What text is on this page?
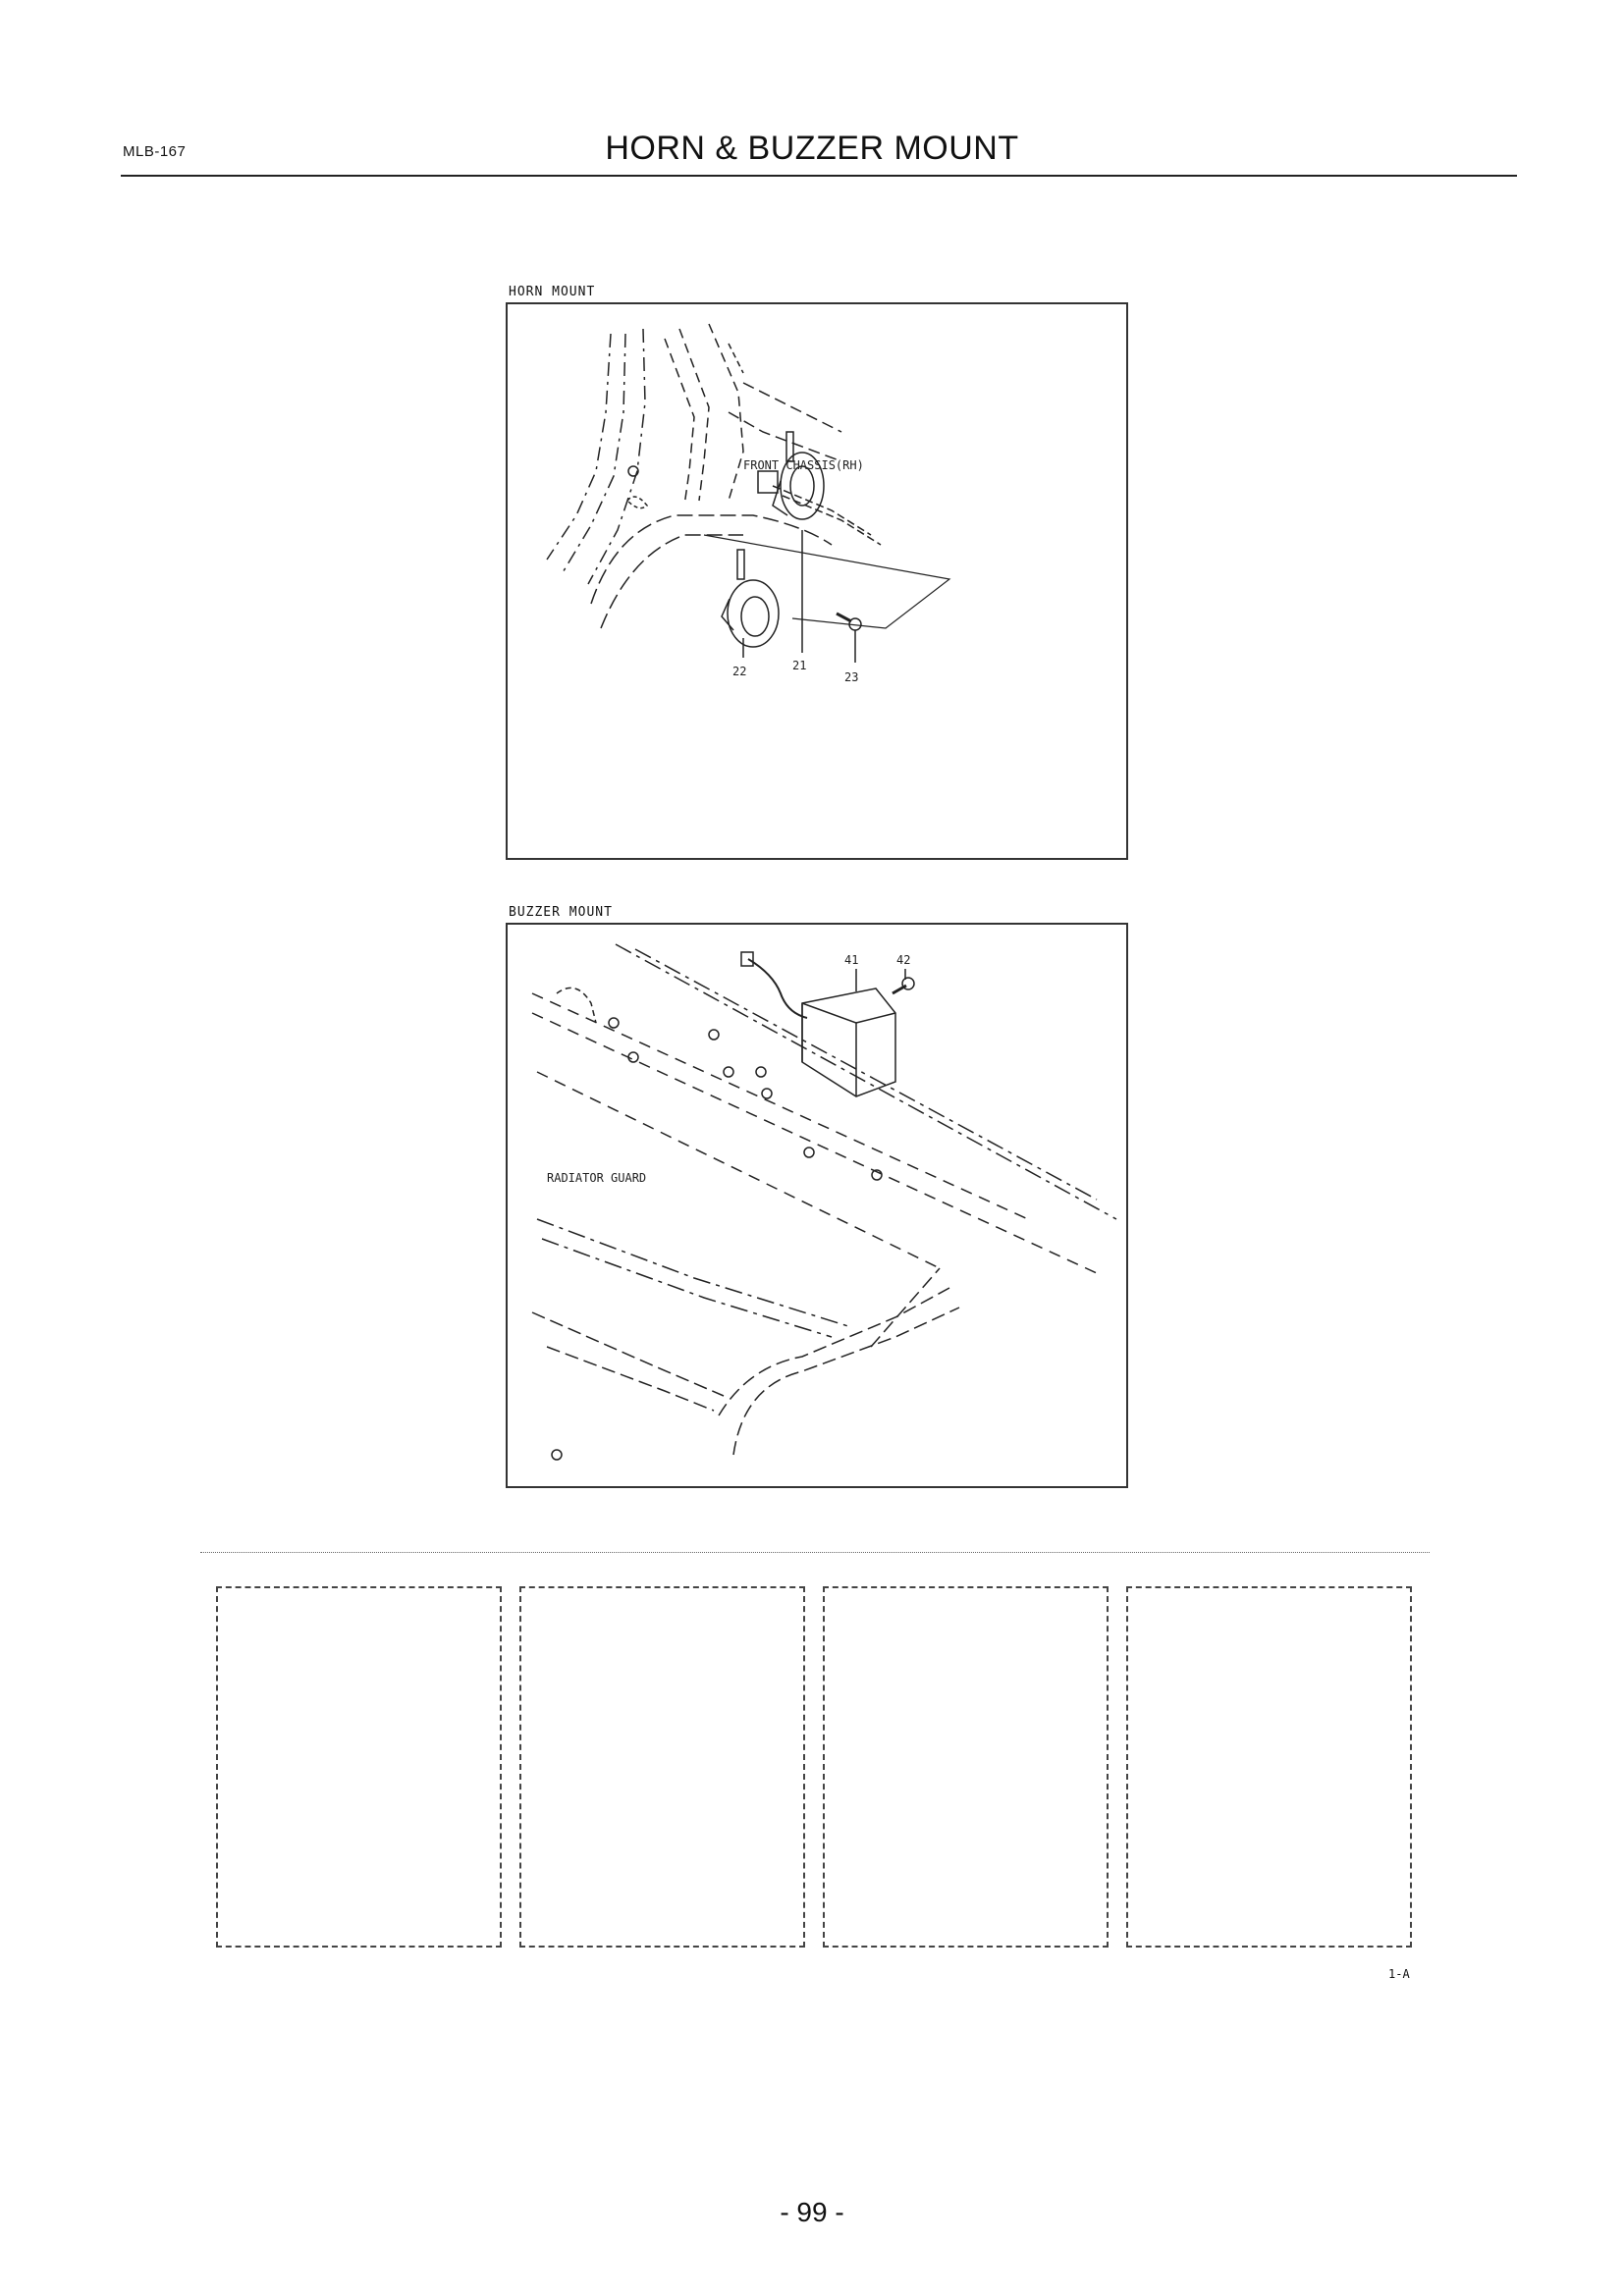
MLB-167	HORN & BUZZER MOUNT
HORN MOUNT
FRONT CHASSIS(RH)
22	21
23
BUZZER MOUNT
41	42
RADIATOR GUARD
1-A
- 99 -
